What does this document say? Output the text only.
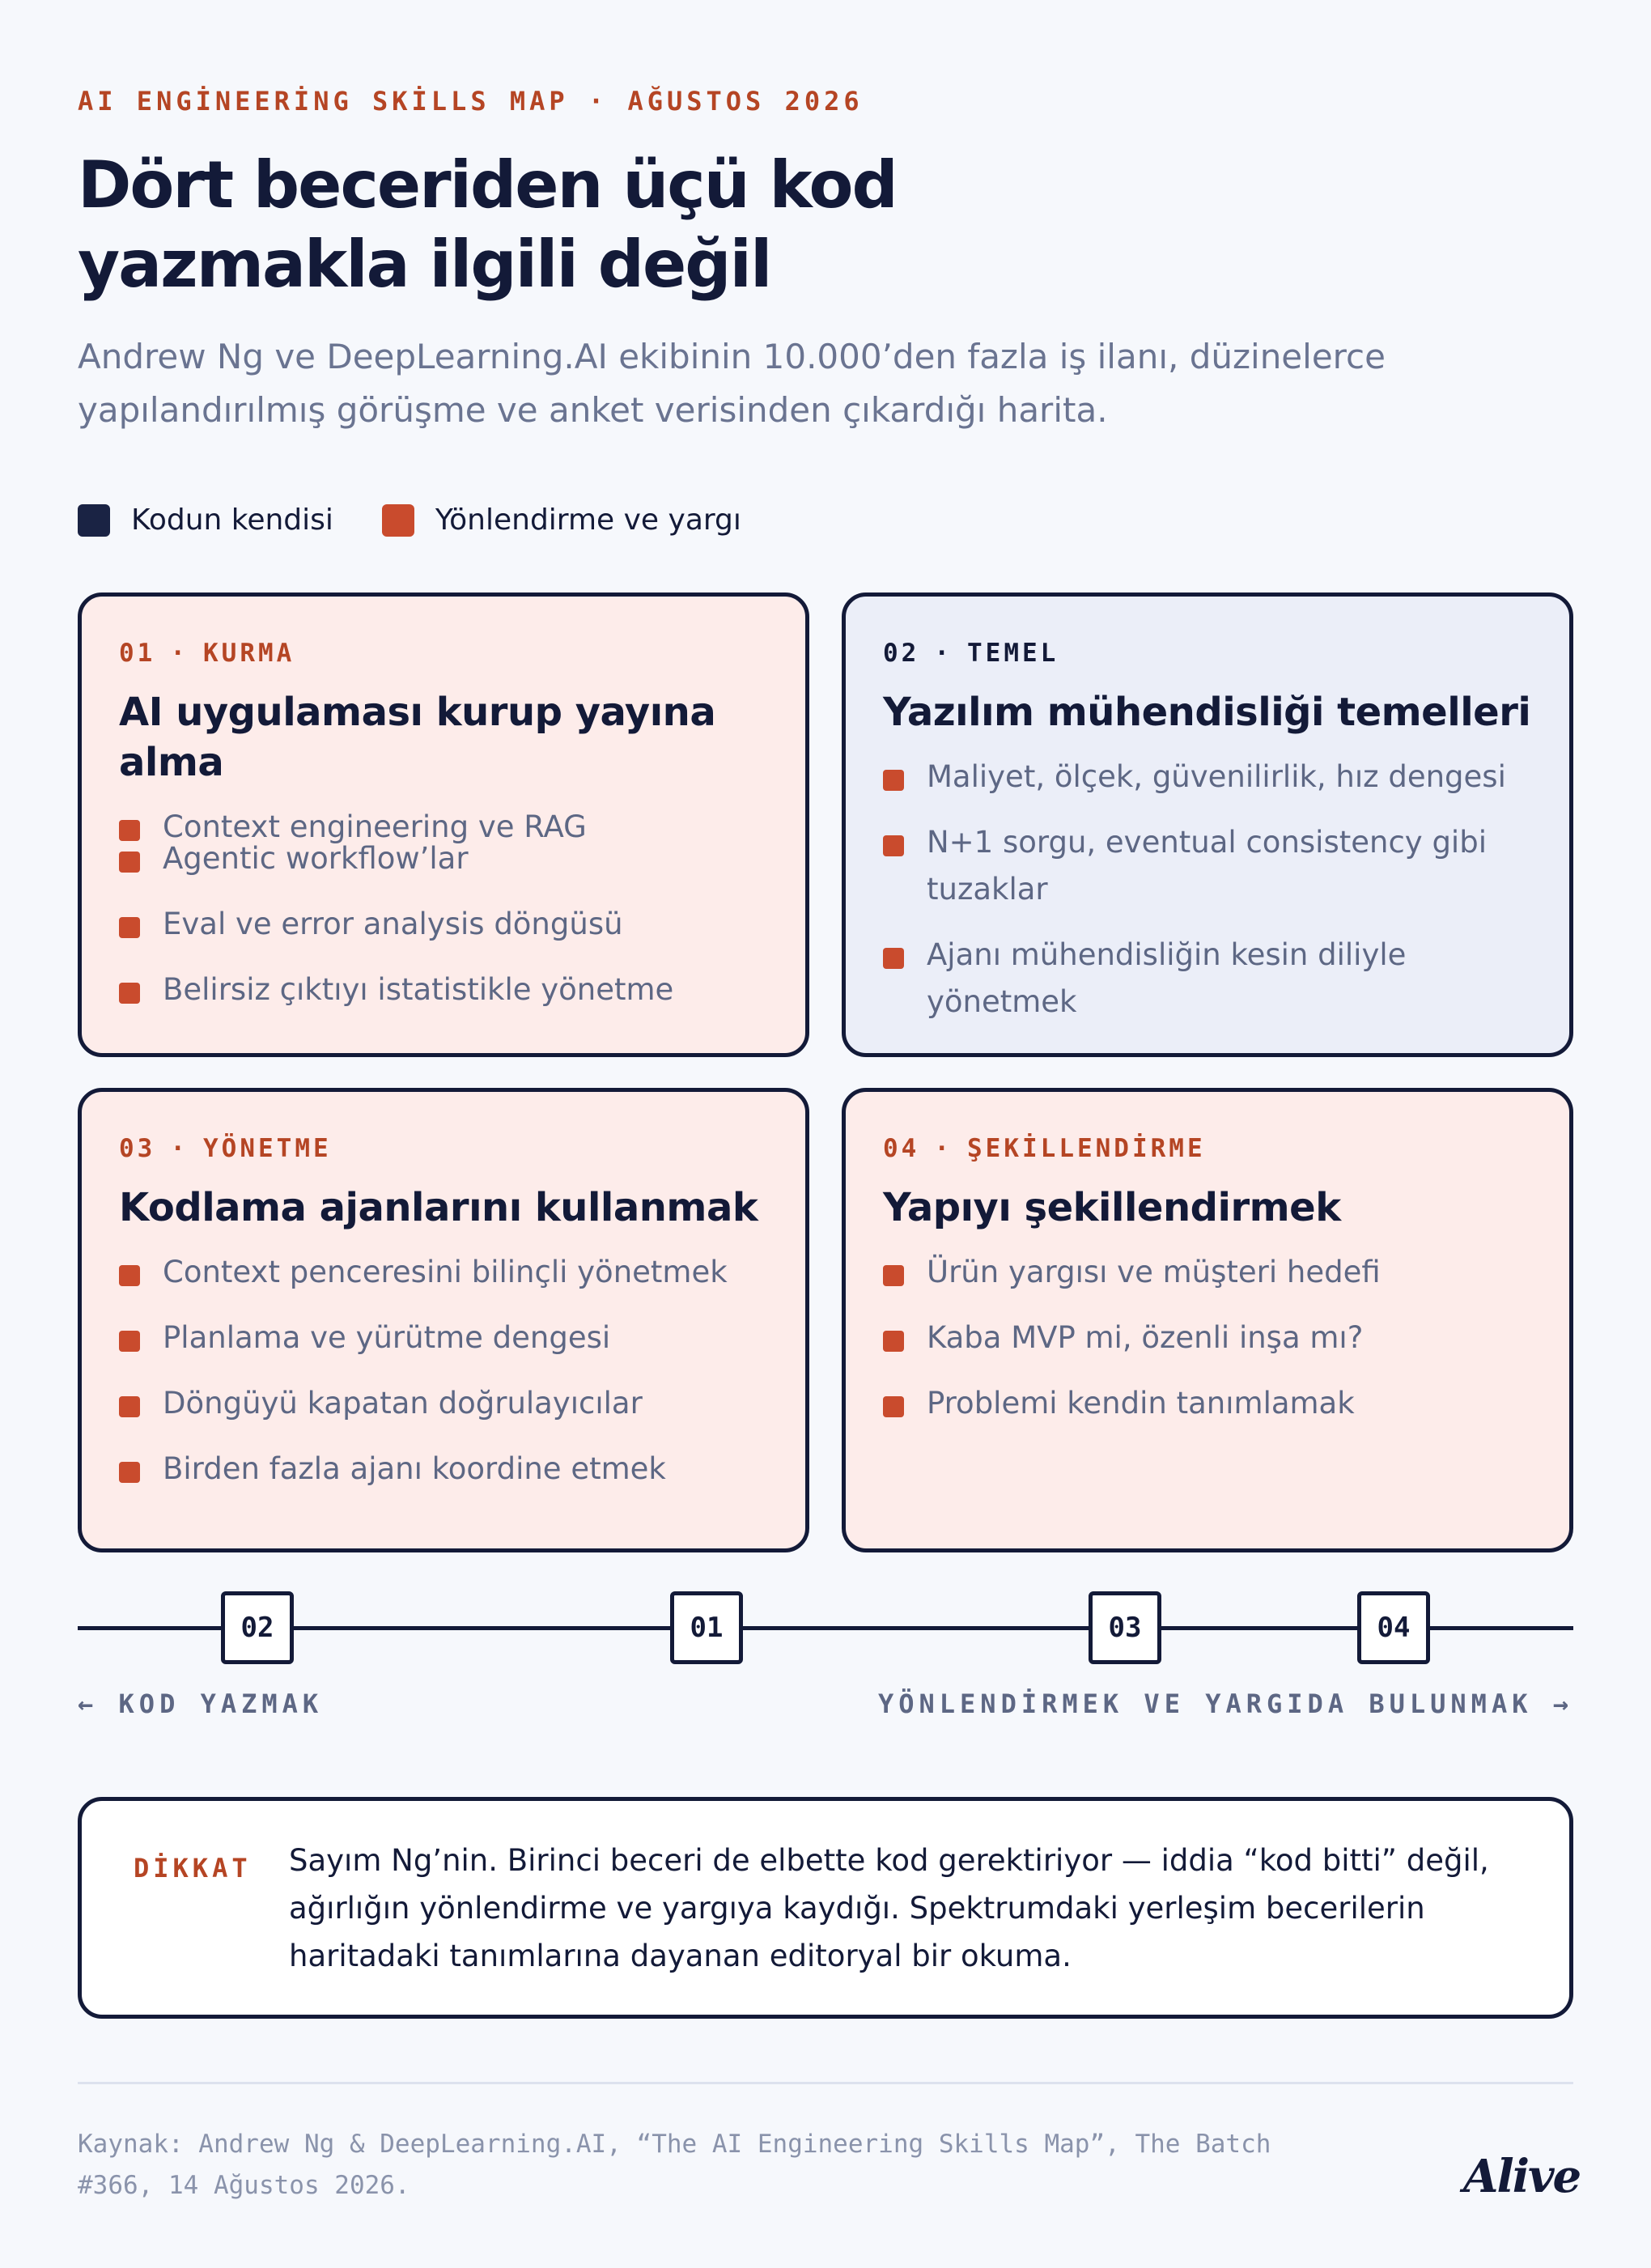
AI ENGİNEERİNG SKİLLS MAP · AĞUSTOS 2026
Dört beceriden üçü kod yazmakla ilgili değil

Andrew Ng ve DeepLearning.AI ekibinin 10.000’den fazla iş ilanı, düzinelerce yapılandırılmış görüşme ve anket verisinden çıkardığı harita.

Kodun kendisi	Yönlendirme ve yargı
01 · KURMA
AI uygulaması kurup yayına alma
Context engineering ve RAG
Agentic workflow’lar
Eval ve error analysis döngüsü
Belirsiz çıktıyı istatistikle yönetme
02 · TEMEL
Yazılım mühendisliği temelleri
Maliyet, ölçek, güvenilirlik, hız dengesi
N+1 sorgu, eventual consistency gibi tuzaklar
Ajanı mühendisliğin kesin diliyle yönetmek
03 · YÖNETME
Kodlama ajanlarını kullanmak
Context penceresini bilinçli yönetmek
Planlama ve yürütme dengesi
Döngüyü kapatan doğrulayıcılar
Birden fazla ajanı koordine etmek
04 · ŞEKİLLENDİRME
Yapıyı şekillendirmek
Ürün yargısı ve müşteri hedefi
Kaba MVP mi, özenli inşa mı?
Problemi kendin tanımlamak
02	01	03	04
← KOD YAZMAK	YÖNLENDİRMEK VE YARGIDA BULUNMAK →
DİKKAT Sayım Ng’nin. Birinci beceri de elbette kod gerektiriyor — iddia “kod bitti” değil, ağırlığın yönlendirme ve yargıya kaydığı. Spektrumdaki yerleşim becerilerin haritadaki tanımlarına dayanan editoryal bir okuma.

Kaynak: Andrew Ng & DeepLearning.AI, “The AI Engineering Skills Map”, The Batch #366, 14 Ağustos 2026.	Alive
